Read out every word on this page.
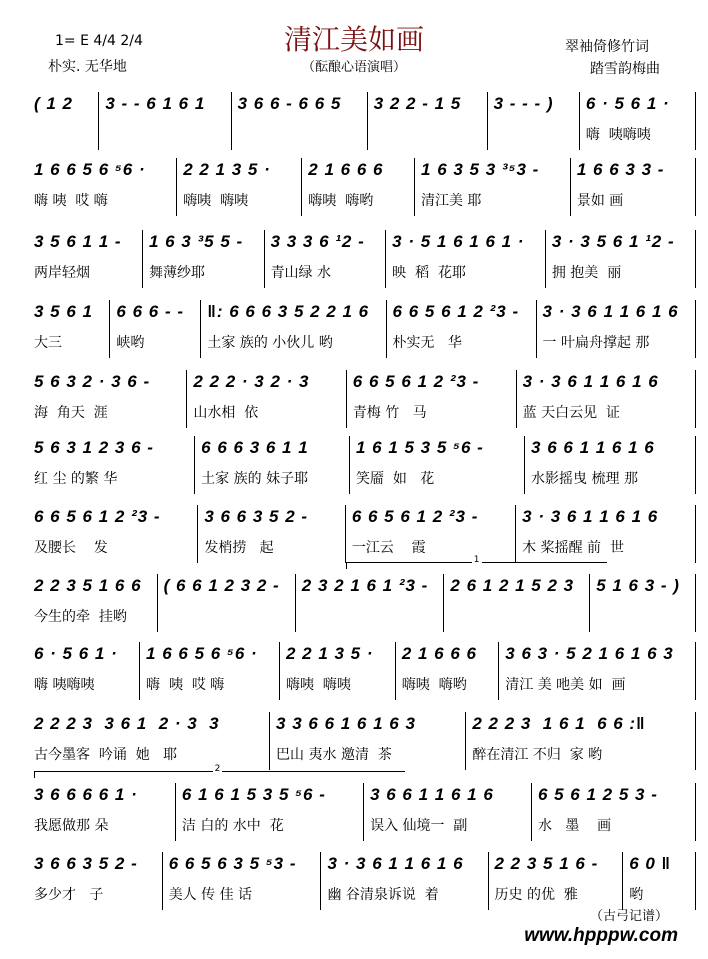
清江美如画
（酝酿心语演唱）
1= E 4/4 2/4
朴实. 无华地
翠袖倚修竹词
踏雪韵梅曲
( 1 2	3 - - 6 1 6 1	3 6 6 - 6 6 5	3 2 2 - 1 5	3 - - - )	6 · 5 6 1 ·
嗨  咦嗨咦
1 6 6 5 6 ⁵6 ·
嗨 咦  哎 嗨
2 2 1 3 5 ·
嗨咦  嗨咦
2 1 6 6 6
嗨咦  嗨哟
1 6 3 5 3 ³⁵3 -
清江美 耶
1 6 6 3 3 -
景如 画
3 5 6 1 1 -
两岸轻烟
1 6 3 ³5 5 -
舞薄纱耶
3 3 3 6 ¹2 -
青山绿 水
3 · 5 1 6 1 6 1 ·
映  稻  花耶
3 · 3 5 6 1 ¹2 -
拥 抱美  丽
3 5 6 1
大三
6 6 6 - -
峡哟
‖: 6 6 6 3 5 2 2 1 6
土家 族的 小伙儿 哟
6 6 5 6 1 2 ²3 -
朴实无   华
3 · 3 6 1 1 6 1 6
一 叶扁舟撑起 那
5 6 3 2 · 3 6 -
海  角天  涯
2 2 2 · 3 2 · 3
山水相  依
6 6 5 6 1 2 ²3 -
青梅 竹   马
3 · 3 6 1 1 6 1 6
蓝 天白云见  证
5 6 3 1 2 3 6 -
红 尘 的繁 华
6 6 6 3 6 1 1
土家 族的 妹子耶
1 6 1 5 3 5 ⁵6 -
笑靥  如   花
3 6 6 1 1 6 1 6
水影摇曳 梳理 那
6 6 5 6 1 2 ²3 -
及腰长    发
3 6 6 3 5 2 -
发梢捞   起
6 6 5 6 1 2 ²3 -
一江云    霞
3 · 3 6 1 1 6 1 6
木 桨摇醒 前  世
1
2 2 3 5 1 6 6
今生的牵  挂哟
( 6 6 1 2 3 2 -	2 3 2 1 6 1 ²3 -	2 6 1 2 1 5 2 3	5 1 6 3 - )
6 · 5 6 1 ·
嗨 咦嗨咦
1 6 6 5 6 ⁵6 ·
嗨  咦  哎 嗨
2 2 1 3 5 ·
嗨咦  嗨咦
2 1 6 6 6
嗨咦  嗨哟
3 6 3 · 5 2 1 6 1 6 3
清江 美 吔美 如  画
2 2 2 3  3 6 1  2 · 3  3
古今墨客  吟诵  她   耶
3 3 6 6 1 6 1 6 3
巴山 夷水 邀清  茶
2 2 2 3  1 6 1  6 6 :‖
醉在清江 不归  家 哟
2
3 6 6 6 6 1 ·
我愿做那 朵
6 1 6 1 5 3 5 ⁵6 -
洁 白的 水中  花
3 6 6 1 1 6 1 6
误入 仙境一  副
6 5 6 1 2 5 3 -
水   墨    画
3 6 6 3 5 2 -
多少才   子
6 6 5 6 3 5 ⁵3 -
美人 传 佳 话
3 · 3 6 1 1 6 1 6
幽 谷清泉诉说  着
2 2 3 5 1 6 -
历史 的优  雅
6 0 ‖
哟
（古弓记谱）
www.hpppw.com
